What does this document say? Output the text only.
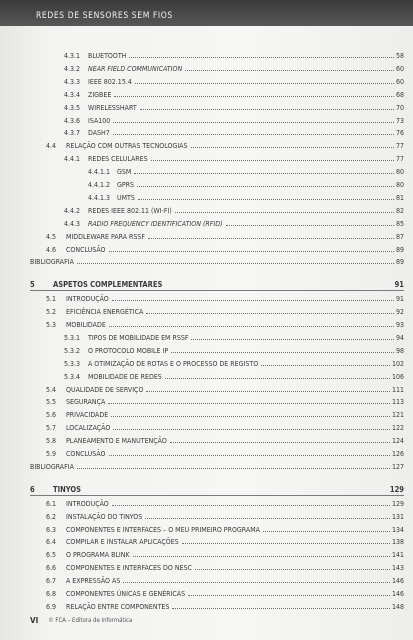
REDES DE SENSORES SEM FIOS
4.3.1	BLUETOOTH	58
4.3.2	NEAR FIELD COMMUNICATION	60
4.3.3	IEEE 802.15.4	60
4.3.4	ZIGBEE	68
4.3.5	WIRELESSHART	70
4.3.6	ISA100	73
4.3.7	DASH7	76
4.4	RELAÇÃO COM OUTRAS TECNOLOGIAS	77
4.4.1	REDES CELULARES	77
4.4.1.1 GSM	80
4.4.1.2 GPRS	80
4.4.1.3 UMTS	81
4.4.2	REDES IEEE 802.11 (WI-FI)	82
4.4.3	RADIO FREQUENCY IDENTIFICATION (RFID)	85
4.5	MIDDLEWARE PARA RSSF	87
4.6	CONCLUSÃO	89
BIBLIOGRAFIA	89
5	ASPETOS COMPLEMENTARES	91
5.1	INTRODUÇÃO	91
5.2	EFICIÊNCIA ENERGÉTICA	92
5.3	MOBILIDADE	93
5.3.1	TIPOS DE MOBILIDADE EM RSSF	94
5.3.2	O PROTOCOLO MOBILE IP	98
5.3.3	A OTIMIZAÇÃO DE ROTAS E O PROCESSO DE REGISTO	102
5.3.4	MOBILIDADE DE REDES	106
5.4	QUALIDADE DE SERVIÇO	111
5.5	SEGURANÇA	113
5.6	PRIVACIDADE	121
5.7	LOCALIZAÇÃO	122
5.8	PLANEAMENTO E MANUTENÇÃO	124
5.9	CONCLUSÃO	126
BIBLIOGRAFIA	127
6	TINYOS	129
6.1	INTRODUÇÃO	129
6.2	INSTALAÇÃO DO TINYOS	131
6.3	COMPONENTES E INTERFACES – O MEU PRIMEIRO PROGRAMA	134
6.4	COMPILAR E INSTALAR APLICAÇÕES	138
6.5	O PROGRAMA BLINK	141
6.6	COMPONENTES E INTERFACES DO NESC	143
6.7	A EXPRESSÃO AS	146
6.8	COMPONENTES ÚNICAS E GENÉRICAS	146
6.9	RELAÇÃO ENTRE COMPONENTES	148
VI © FCA – Editora de Informática
